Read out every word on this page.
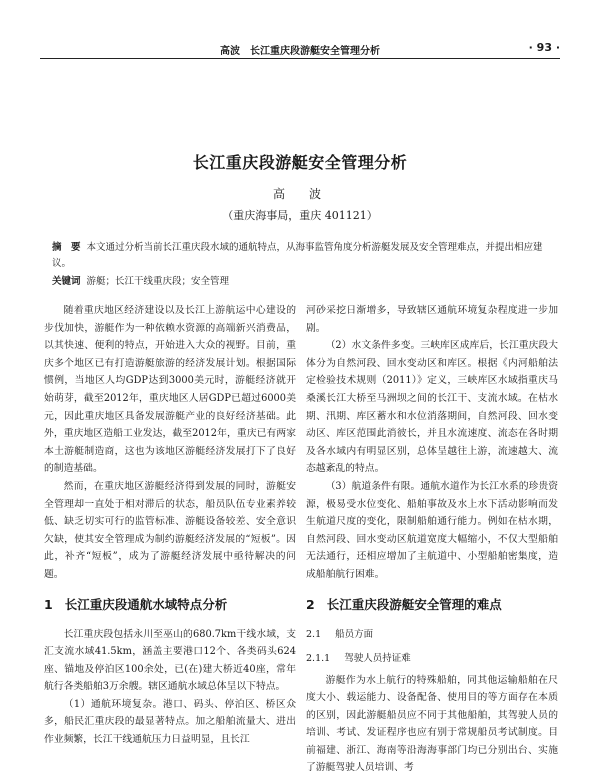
高波　长江重庆段游艇安全管理分析	· 93 ·
长江重庆段游艇安全管理分析
高　波
（重庆海事局，重庆 401121）
摘　要 本文通过分析当前长江重庆段水域的通航特点，从海事监管角度分析游艇发展及安全管理难点，并提出相应建议。
关键词 游艇；长江干线重庆段；安全管理

随着重庆地区经济建设以及长江上游航运中心建设的步伐加快，游艇作为一种依赖水资源的高端新兴消费品，以其快速、便利的特点，开始进入大众的视野。目前，重庆多个地区已有打造游艇旅游的经济发展计划。根据国际惯例，当地区人均GDP达到3000美元时，游艇经济就开始萌芽，截至2012年，重庆地区人居GDP已超过6000美元，因此重庆地区具备发展游艇产业的良好经济基础。此外，重庆地区造船工业发达，截至2012年，重庆已有两家本土游艇制造商，这也为该地区游艇经济发展打下了良好的制造基础。

然而，在重庆地区游艇经济得到发展的同时，游艇安全管理却一直处于相对滞后的状态，船员队伍专业素养较低、缺乏切实可行的监管标准、游艇设备较差、安全意识欠缺，使其安全管理成为制约游艇经济发展的“短板”。因此，补齐“短板”，成为了游艇经济发展中亟待解决的问题。

1 长江重庆段通航水域特点分析

长江重庆段包括永川至巫山的680.7km干线水域，支汇支流水域41.5km，涵盖主要港口12个、各类码头624座、锚地及停泊区100余处，已(在)建大桥近40座，常年航行各类船舶3万余艘。辖区通航水域总体呈以下特点。

（1）通航环境复杂。港口、码头、停泊区、桥区众多，船民汇重庆段的最显著特点。加之船舶流量大、进出作业频繁，长江干线通航压力日益明显，且长江

河砂采挖日渐增多，导致辖区通航环境复杂程度进一步加剧。

（2）水文条件多变。三峡库区成库后，长江重庆段大体分为自然河段、回水变动区和库区。根据《内河船舶法定检验技术规则（2011）》定义，三峡库区水域指重庆马桑溪长江大桥至马洲坝之间的长江干、支流水域。在枯水期、汛期、库区蓄水和水位消落期间，自然河段、回水变动区、库区范围此消彼长，并且水流速度、流态在各时期及各水域内有明显区别，总体呈越往上游，流速越大、流态越紊乱的特点。

（3）航道条件有限。通航水道作为长江水系的珍贵资源，极易受水位变化、船舶事故及水上水下活动影响而发生航道尺度的变化，限制船舶通行能力。例如在枯水期，自然河段、回水变动区航道宽度大幅缩小，不仅大型船舶无法通行，还相应增加了主航道中、小型船舶密集度，造成船舶航行困难。

2 长江重庆段游艇安全管理的难点
2.1 船员方面
2.1.1 驾驶人员持证难

游艇作为水上航行的特殊船舶，同其他运输船舶在尺度大小、载运能力、设备配备、使用目的等方面存在本质的区别，因此游艇船员应不同于其他船舶，其驾驶人员的培训、考试、发证程序也应有别于常规船员考试制度。目前福建、浙江、海南等沿海海事部门均已分别出台、实施了游艇驾驶人员培训、考
